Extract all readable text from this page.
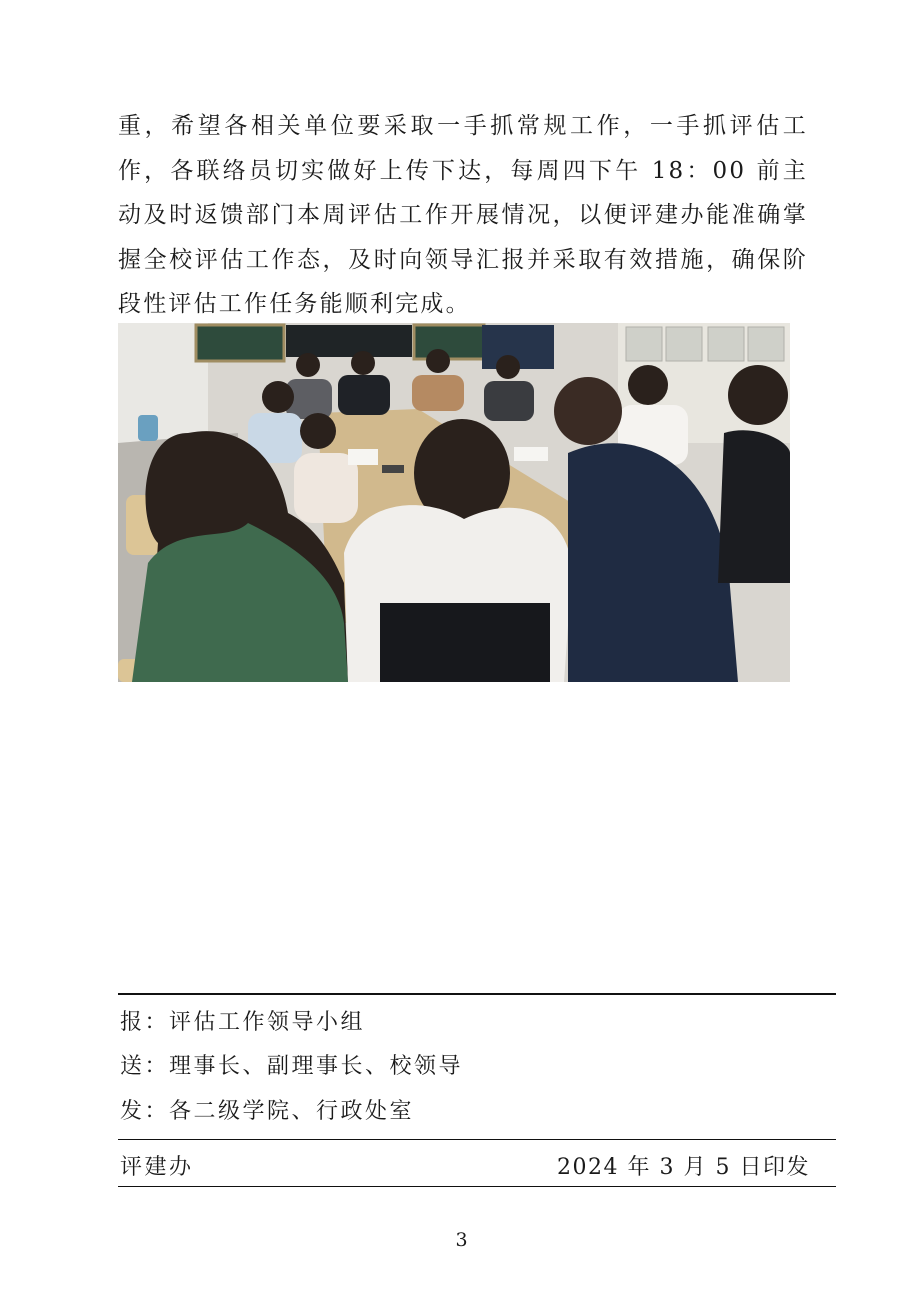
重，希望各相关单位要采取一手抓常规工作，一手抓评估工作，各联络员切实做好上传下达，每周四下午 18：00 前主动及时返馈部门本周评估工作开展情况，以便评建办能准确掌握全校评估工作态，及时向领导汇报并采取有效措施，确保阶段性评估工作任务能顺利完成。

报：评估工作领导小组

送：理事长、副理事长、校领导

发：各二级学院、行政处室

评建办	2024 年 3 月 5 日印发
3
